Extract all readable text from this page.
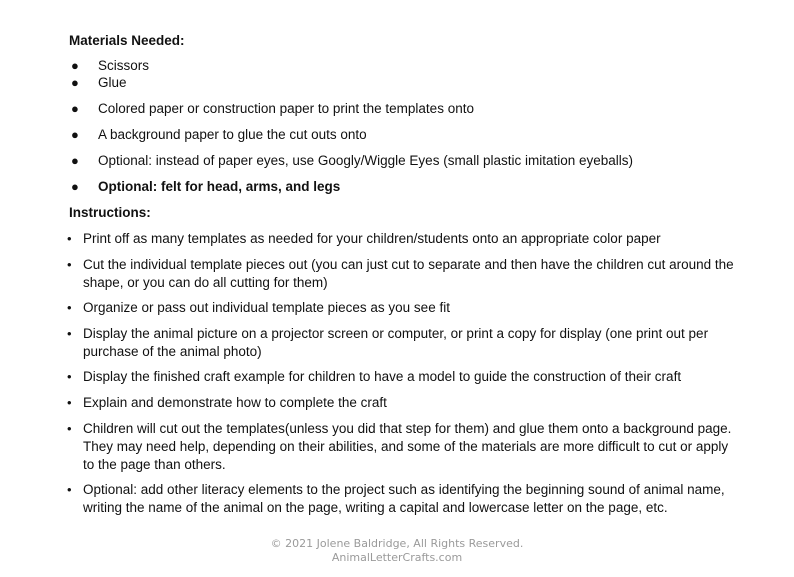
Materials Needed:
● Scissors
● Glue
● Colored paper or construction paper to print the templates onto
● A background paper to glue the cut outs onto
● Optional: instead of paper eyes, use Googly/Wiggle Eyes (small plastic imitation eyeballs)
● Optional: felt for head, arms, and legs
Instructions:
• Print off as many templates as needed for your children/students onto an appropriate color paper
• Cut the individual template pieces out (you can just cut to separate and then have the children cut around the shape, or you can do all cutting for them)
• Organize or pass out individual template pieces as you see fit
• Display the animal picture on a projector screen or computer, or print a copy for display (one print out per purchase of the animal photo)
• Display the finished craft example for children to have a model to guide the construction of their craft
• Explain and demonstrate how to complete the craft
• Children will cut out the templates(unless you did that step for them) and glue them onto a background page. They may need help, depending on their abilities, and some of the materials are more difficult to cut or apply to the page than others.
• Optional: add other literacy elements to the project such as identifying the beginning sound of animal name, writing the name of the animal on the page, writing a capital and lowercase letter on the page, etc.
© 2021 Jolene Baldridge, All Rights Reserved.
AnimalLetterCrafts.com
